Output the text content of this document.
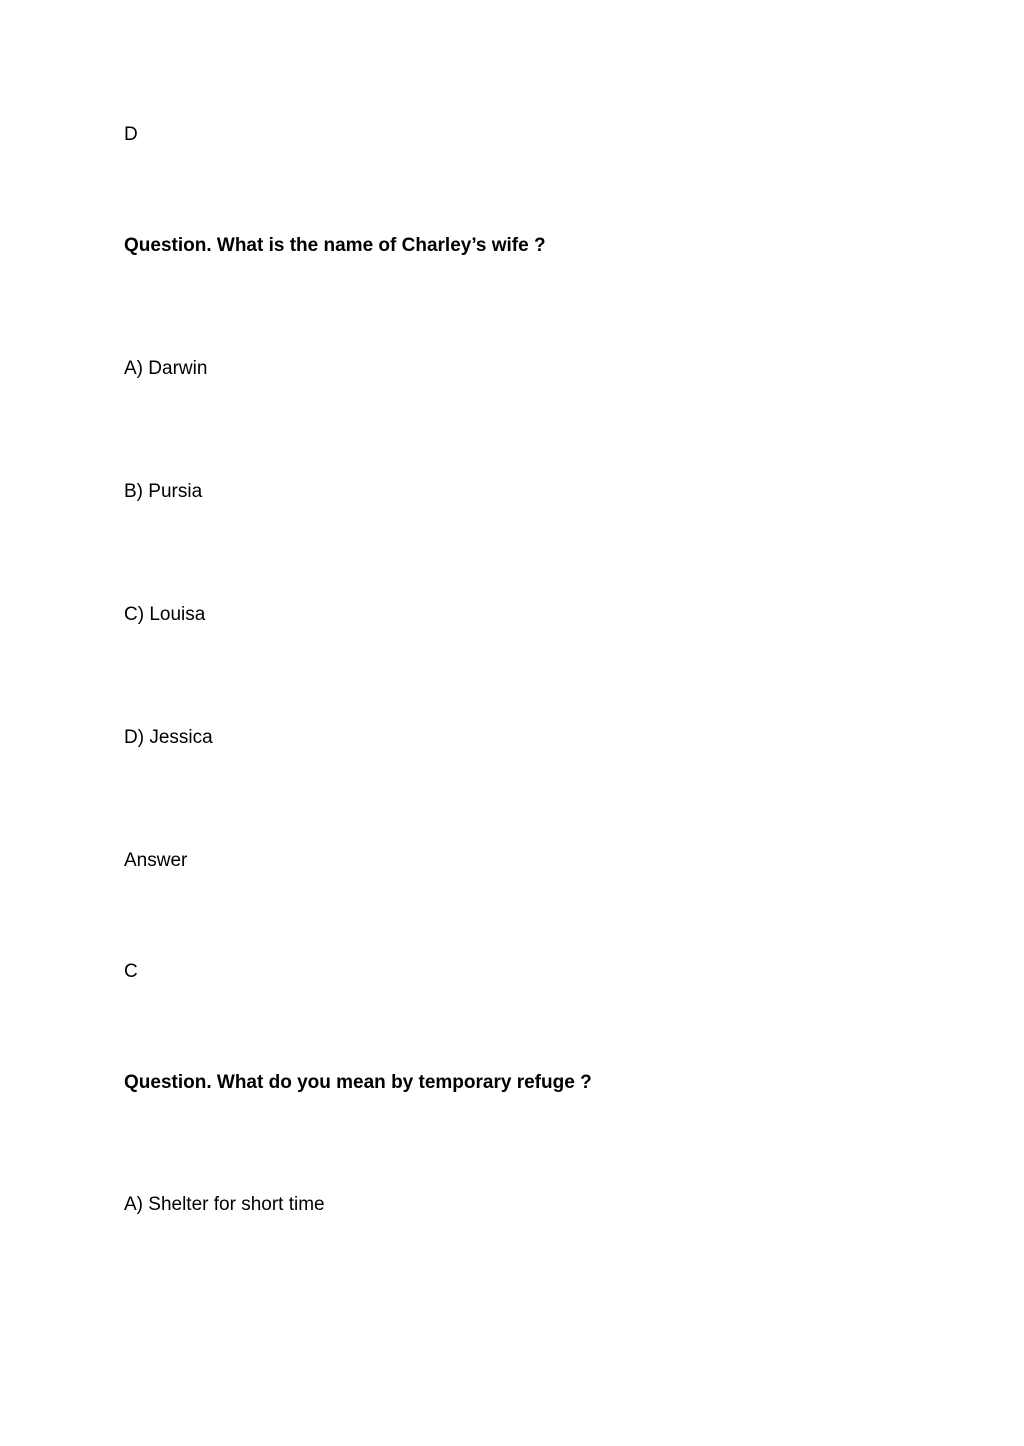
D
Question. What is the name of Charley’s wife ?
A) Darwin
B) Pursia
C) Louisa
D) Jessica
Answer
C
Question. What do you mean by temporary refuge ?
A) Shelter for short time
